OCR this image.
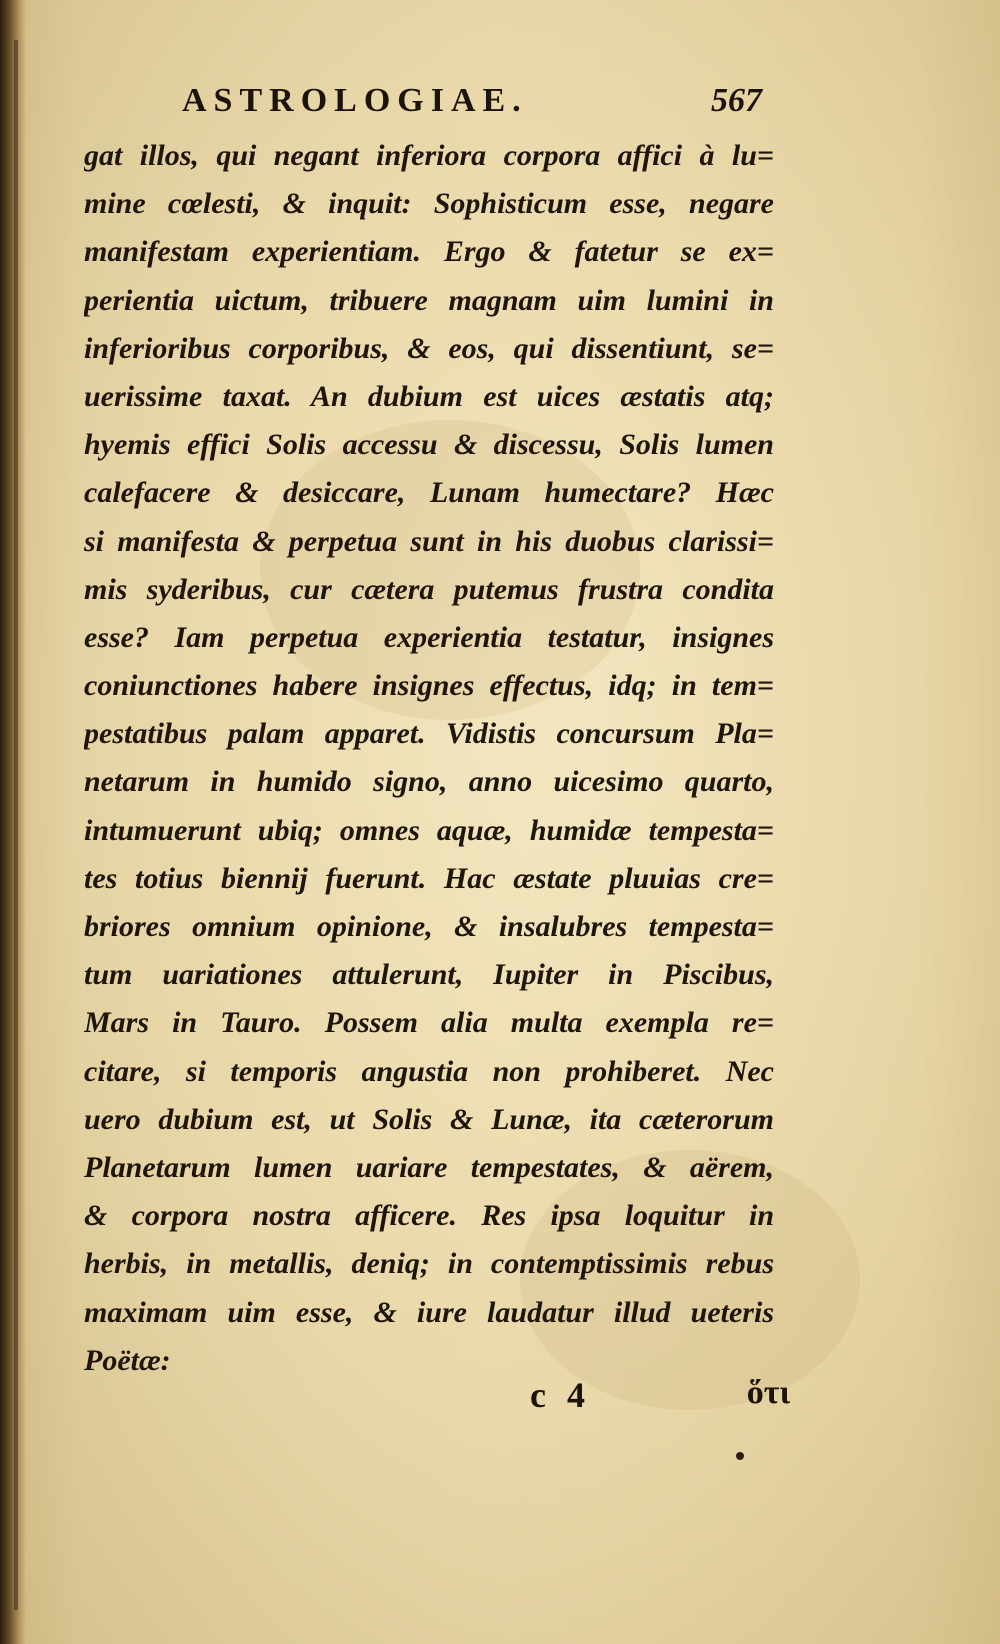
ASTROLOGIAE.	567
gat illos, qui negant inferiora corpora affici à lu=
mine cœlesti, & inquit: Sophisticum esse, negare
manifestam experientiam. Ergo & fatetur se ex=
perientia uictum, tribuere magnam uim lumini in
inferioribus corporibus, & eos, qui dissentiunt, se=
uerissime taxat. An dubium est uices æstatis atq;
hyemis effici Solis accessu & discessu, Solis lumen
calefacere & desiccare, Lunam humectare? Hæc
si manifesta & perpetua sunt in his duobus clarissi=
mis syderibus, cur cætera putemus frustra condita
esse? Iam perpetua experientia testatur, insignes
coniunctiones habere insignes effectus, idq; in tem=
pestatibus palam apparet. Vidistis concursum Pla=
netarum in humido signo, anno uicesimo quarto,
intumuerunt ubiq; omnes aquæ, humidæ tempesta=
tes totius biennij fuerunt. Hac æstate pluuias cre=
briores omnium opinione, & insalubres tempesta=
tum uariationes attulerunt, Iupiter in Piscibus,
Mars in Tauro. Possem alia multa exempla re=
citare, si temporis angustia non prohiberet. Nec
uero dubium est, ut Solis & Lunæ, ita cæterorum
Planetarum lumen uariare tempestates, & aërem,
& corpora nostra afficere. Res ipsa loquitur in
herbis, in metallis, deniq; in contemptissimis rebus
maximam uim esse, & iure laudatur illud ueteris
Poëtæ:
c 4	ὅτι
